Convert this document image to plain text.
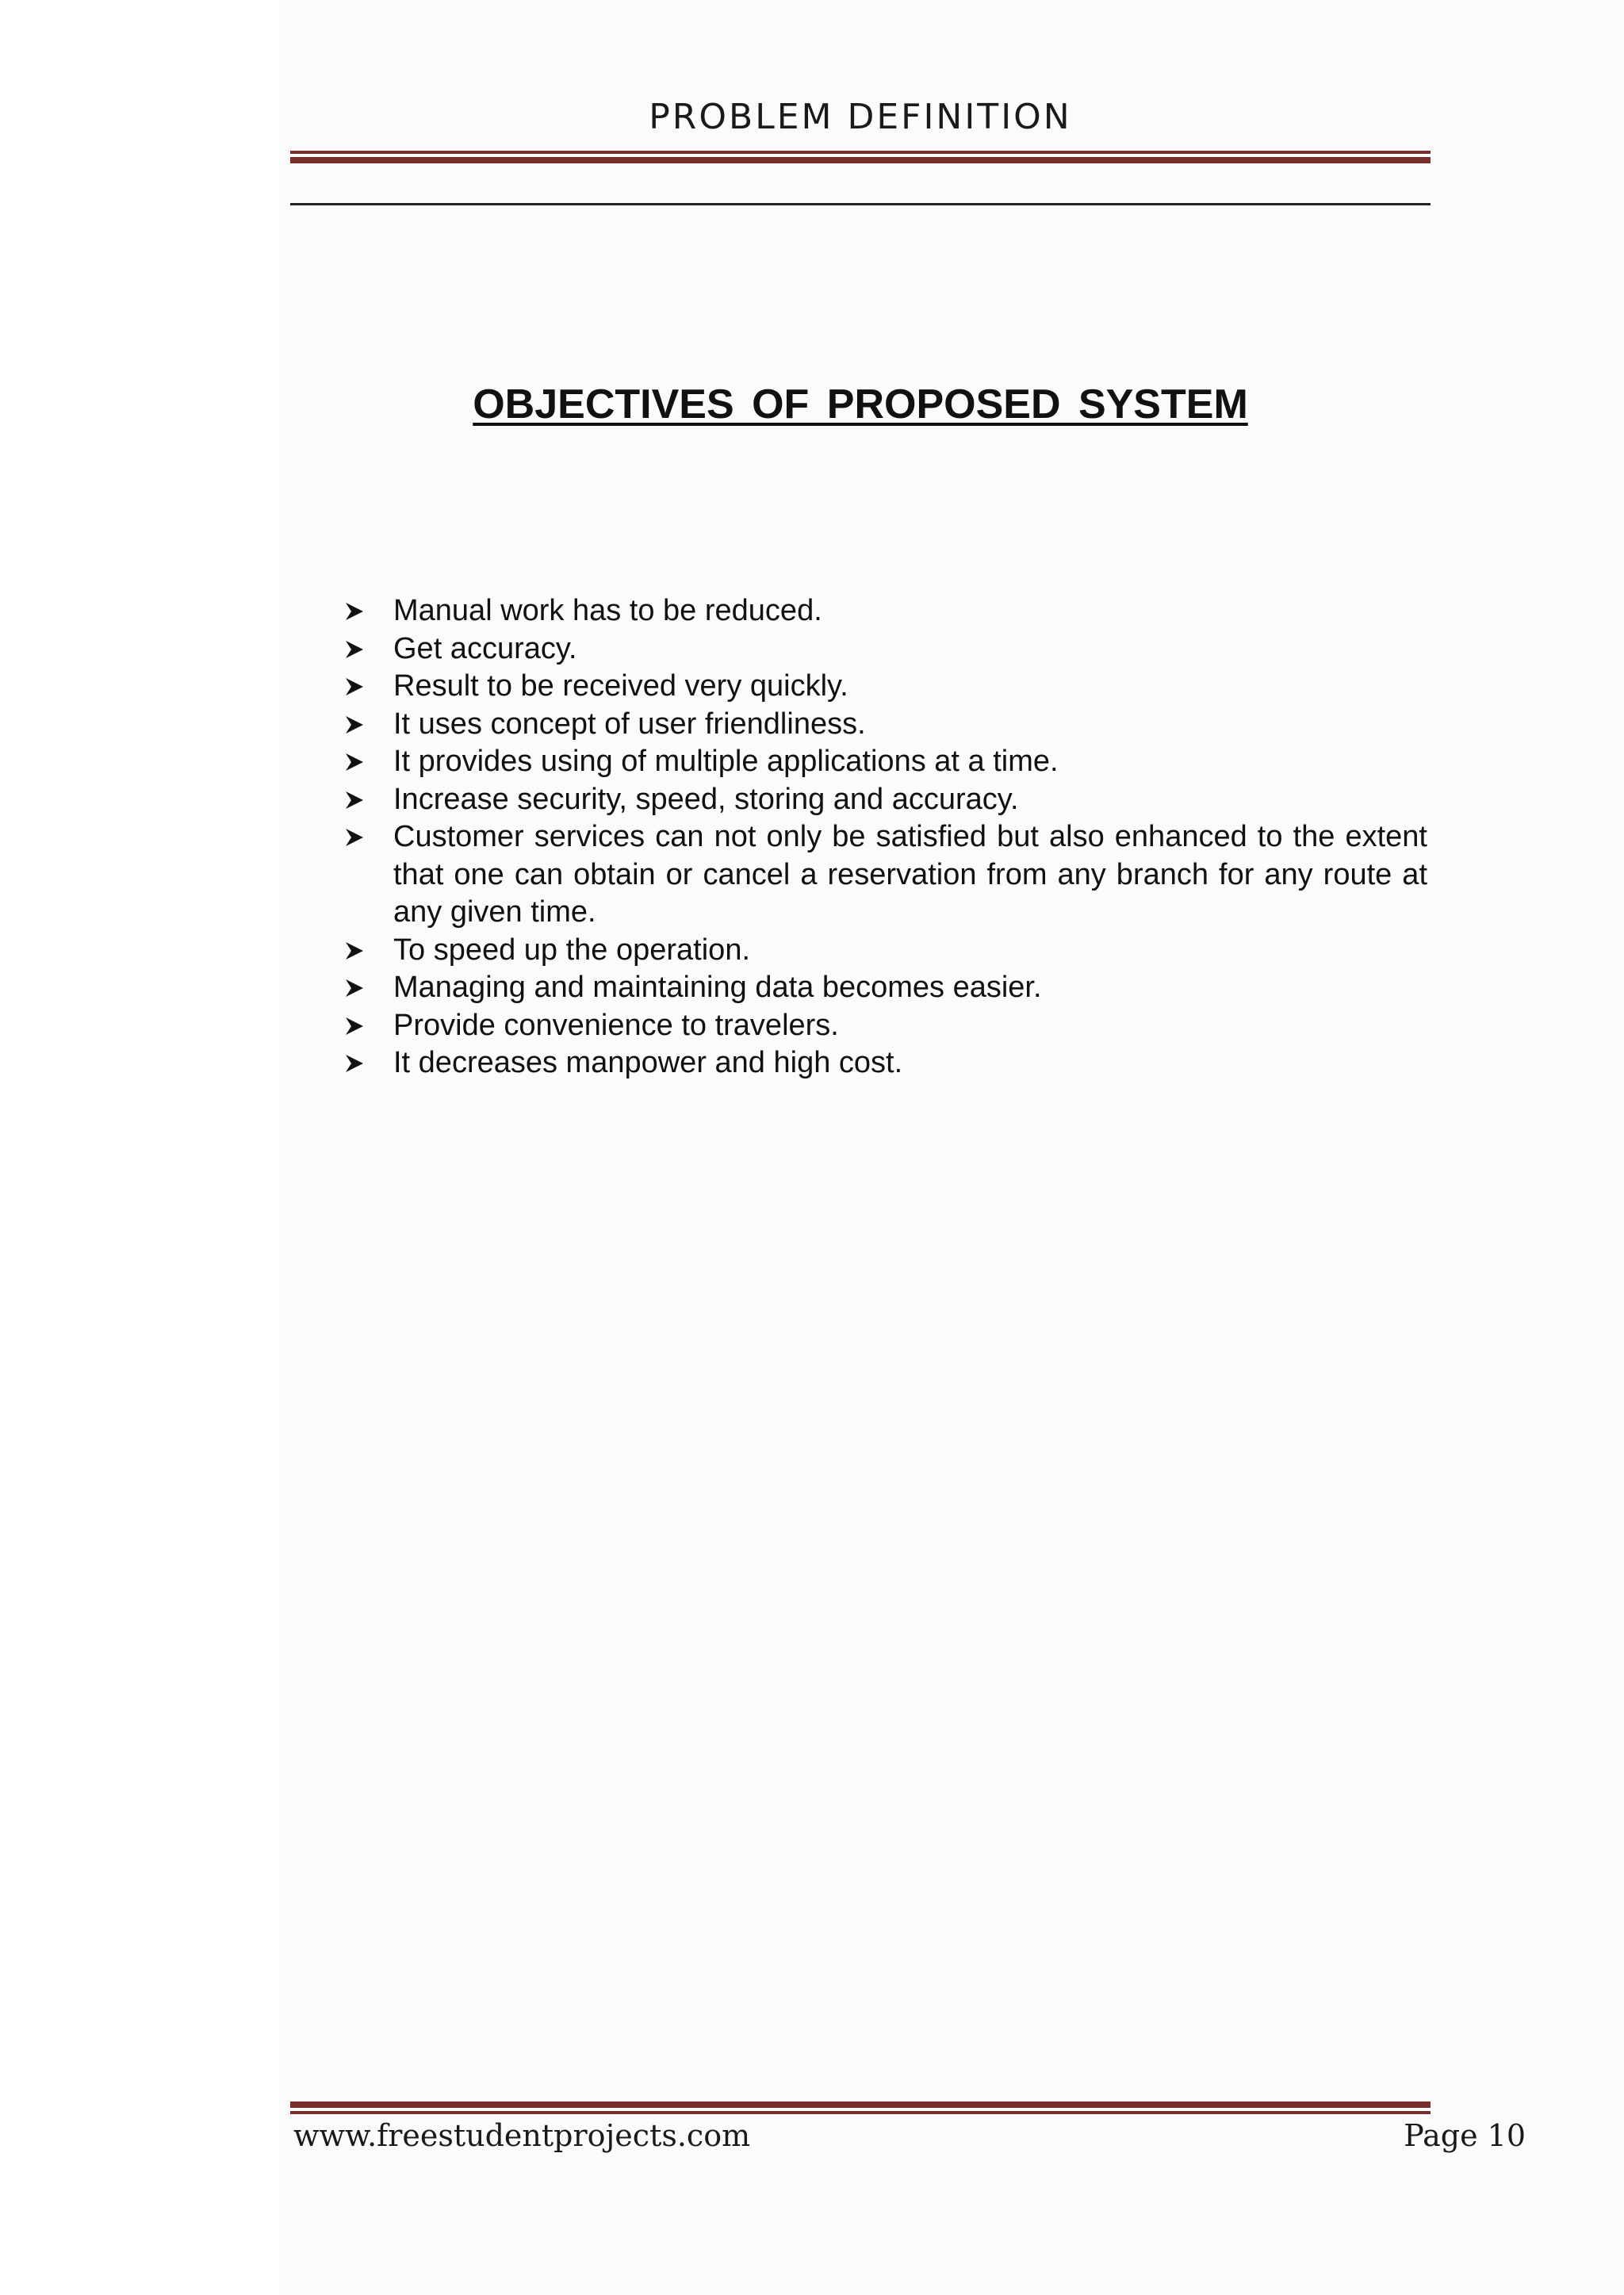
PROBLEM DEFINITION
OBJECTIVES OF PROPOSED SYSTEM
Manual work has to be reduced.
Get accuracy.
Result to be received very quickly.
It uses concept of user friendliness.
It provides using of multiple applications at a time.
Increase security, speed, storing and accuracy.
Customer services can not only be satisfied but also enhanced to the extent that one can obtain or cancel a reservation from any branch for any route at any given time.
To speed up the operation.
Managing and maintaining data becomes easier.
Provide convenience to travelers.
It decreases manpower and high cost.
www.freestudentprojects.com	Page 10
